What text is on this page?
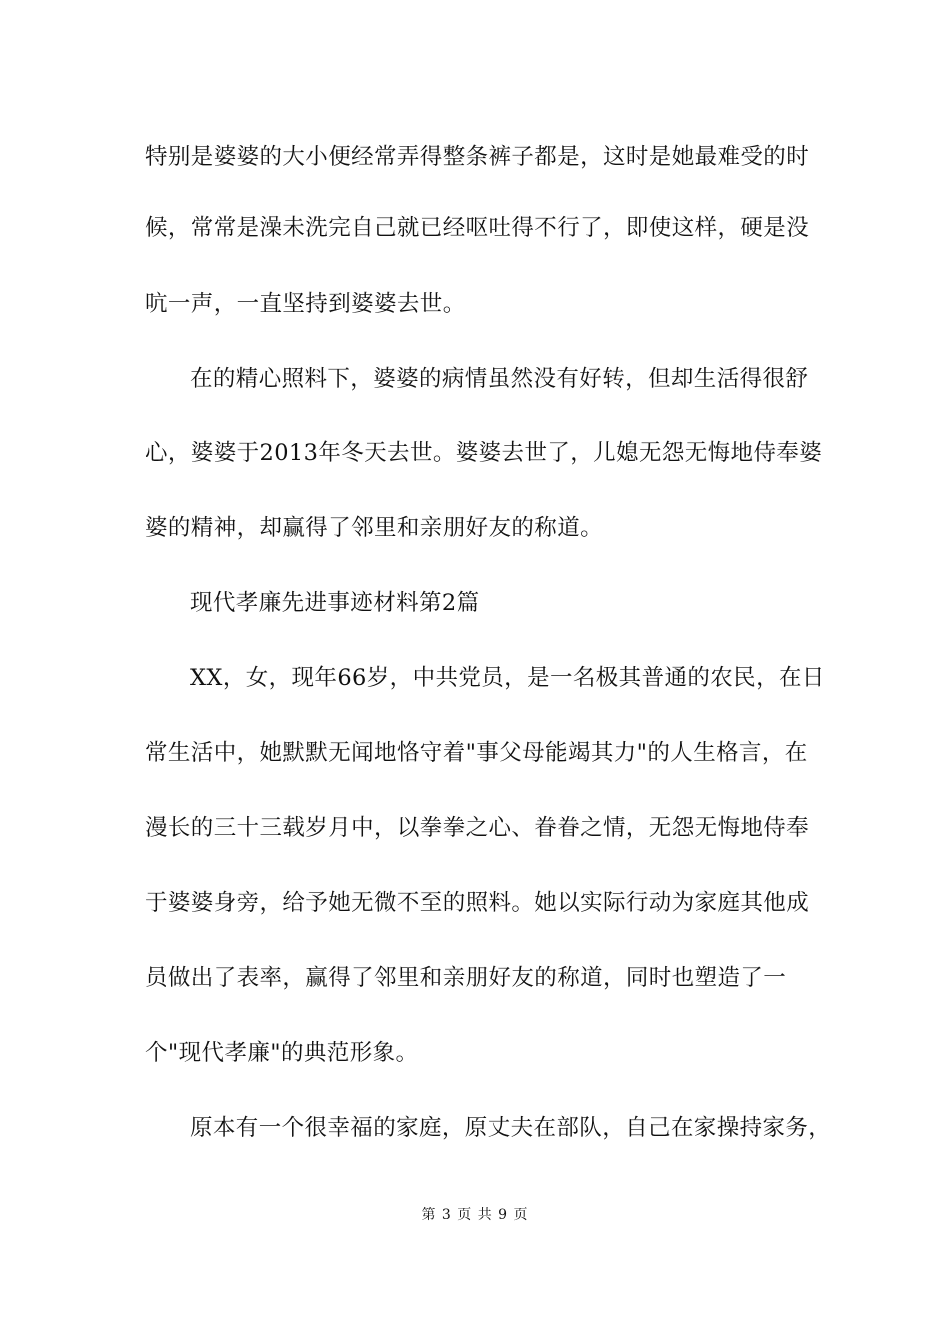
特别是婆婆的大小便经常弄得整条裤子都是，这时是她最难受的时
候，常常是澡未洗完自己就已经呕吐得不行了，即使这样，硬是没
吭一声，一直坚持到婆婆去世。
在的精心照料下，婆婆的病情虽然没有好转，但却生活得很舒
心，婆婆于2013年冬天去世。婆婆去世了，儿媳无怨无悔地侍奉婆
婆的精神，却赢得了邻里和亲朋好友的称道。
现代孝廉先进事迹材料第2篇
XX，女，现年66岁，中共党员，是一名极其普通的农民，在日
常生活中，她默默无闻地恪守着"事父母能竭其力"的人生格言，在
漫长的三十三载岁月中，以拳拳之心、眷眷之情，无怨无悔地侍奉
于婆婆身旁，给予她无微不至的照料。她以实际行动为家庭其他成
员做出了表率，赢得了邻里和亲朋好友的称道，同时也塑造了一
个"现代孝廉"的典范形象。
原本有一个很幸福的家庭，原丈夫在部队，自己在家操持家务，
第 3 页 共 9 页
